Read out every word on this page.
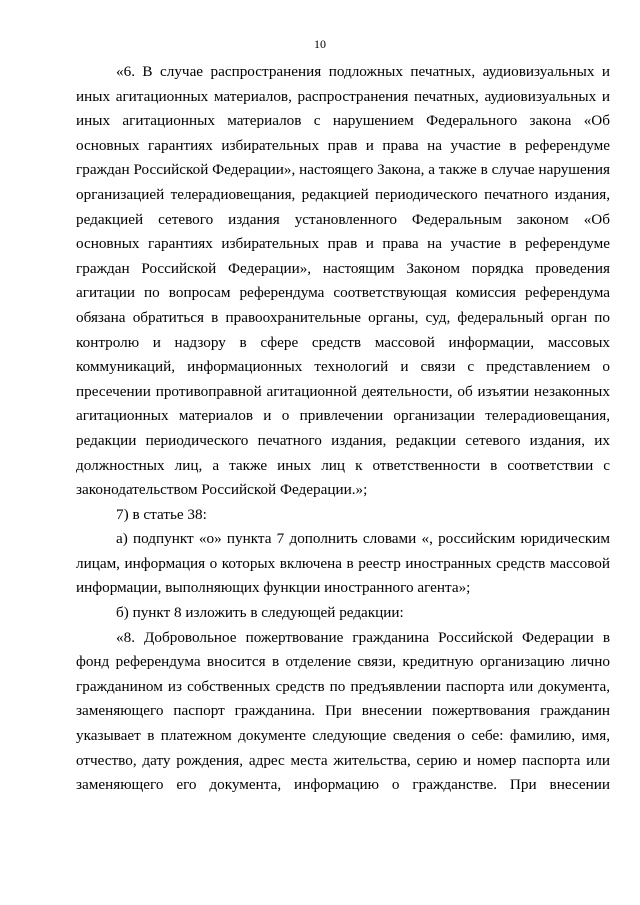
10

«6. В случае распространения подложных печатных, аудиовизуальных и иных агитационных материалов, распространения печатных, аудиовизуальных и иных агитационных материалов с нарушением Федерального закона «Об основных гарантиях избирательных прав и права на участие в референдуме граждан Российской Федерации», настоящего Закона, а также в случае нарушения организацией телерадиовещания, редакцией периодического печатного издания, редакцией сетевого издания установленного Федеральным законом «Об основных гарантиях избирательных прав и права на участие в референдуме граждан Российской Федерации», настоящим Законом порядка проведения агитации по вопросам референдума соответствующая комиссия референдума обязана обратиться в правоохранительные органы, суд, федеральный орган по контролю и надзору в сфере средств массовой информации, массовых коммуникаций, информационных технологий и связи с представлением о пресечении противоправной агитационной деятельности, об изъятии незаконных агитационных материалов и о привлечении организации телерадиовещания, редакции периодического печатного издания, редакции сетевого издания, их должностных лиц, а также иных лиц к ответственности в соответствии с законодательством Российской Федерации.»;

7) в статье 38:

а) подпункт «о» пункта 7 дополнить словами «, российским юридическим лицам, информация о которых включена в реестр иностранных средств массовой информации, выполняющих функции иностранного агента»;

б) пункт 8 изложить в следующей редакции:

«8. Добровольное пожертвование гражданина Российской Федерации в фонд референдума вносится в отделение связи, кредитную организацию лично гражданином из собственных средств по предъявлении паспорта или документа, заменяющего паспорт гражданина. При внесении пожертвования гражданин указывает в платежном документе следующие сведения о себе: фамилию, имя, отчество, дату рождения, адрес места жительства, серию и номер паспорта или заменяющего его документа, информацию о гражданстве. При внесении
